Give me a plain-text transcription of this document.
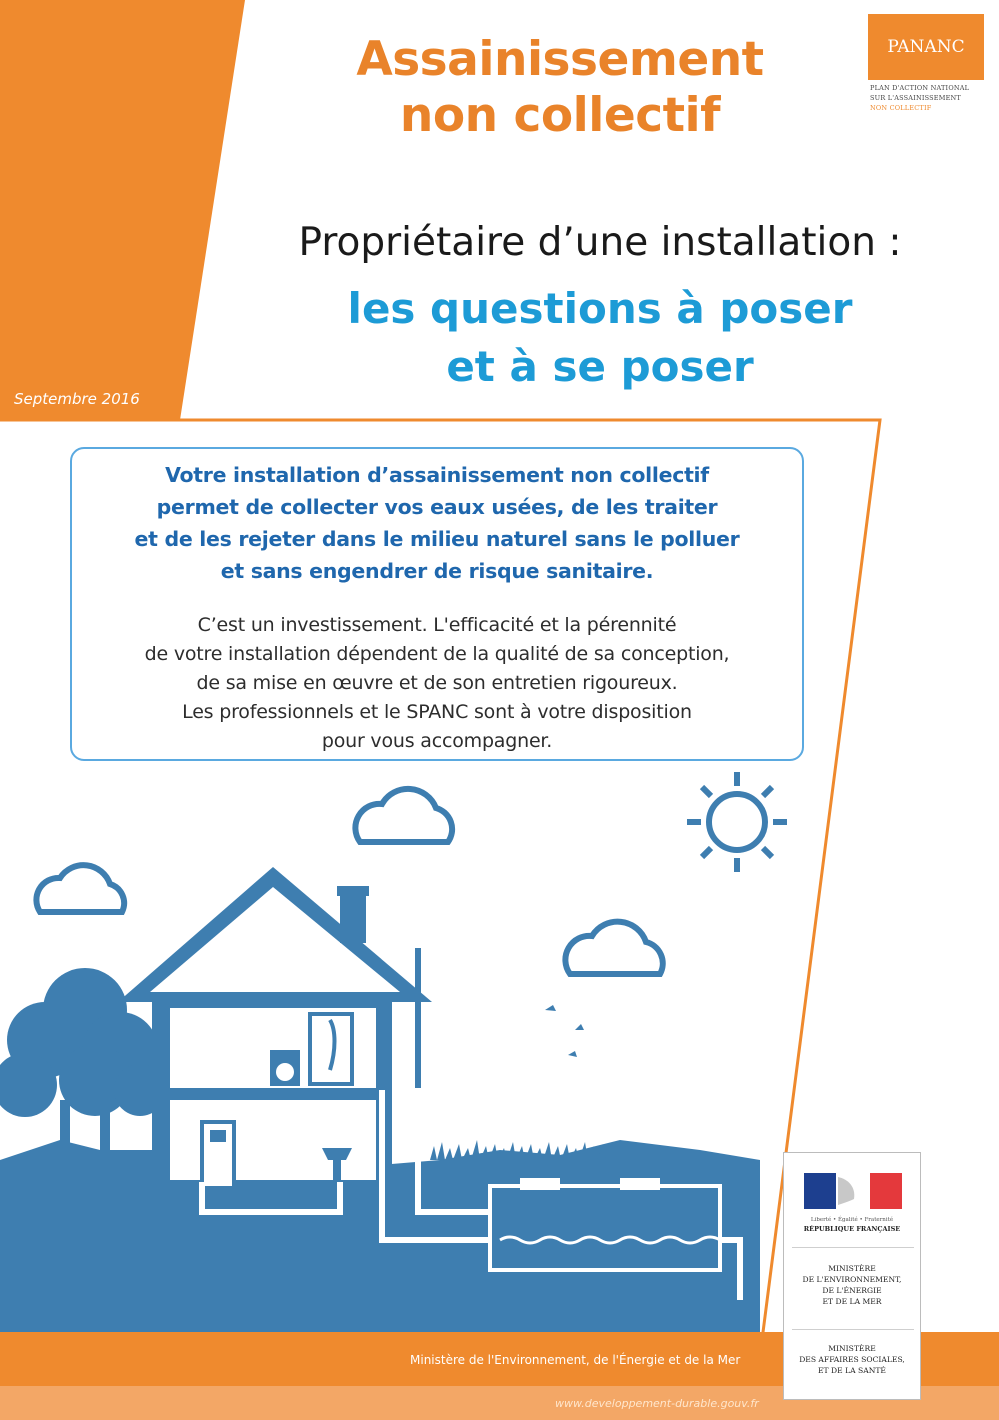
PANANC
PLAN D'ACTION NATIONAL
SUR L'ASSAINISSEMENT
NON COLLECTIF
Assainissement
non collectif
Propriétaire d’une installation :
les questions à poser
et à se poser
Septembre 2016
Votre installation d’assainissement non collectif
permet de collecter vos eaux usées, de les traiter
et de les rejeter dans le milieu naturel sans le polluer
et sans engendrer de risque sanitaire.
C’est un investissement. L'efficacité et la pérennité
de votre installation dépendent de la qualité de sa conception,
de sa mise en œuvre et de son entretien rigoureux.
Les professionnels et le SPANC sont à votre disposition
pour vous accompagner.
Liberté • Égalité • Fraternité
RÉPUBLIQUE FRANÇAISE
MINISTÈRE
DE L'ENVIRONNEMENT,
DE L'ÉNERGIE
ET DE LA MER
MINISTÈRE
DES AFFAIRES SOCIALES,
ET DE LA SANTÉ
Ministère de l'Environnement, de l'Énergie et de la Mer
www.developpement-durable.gouv.fr
